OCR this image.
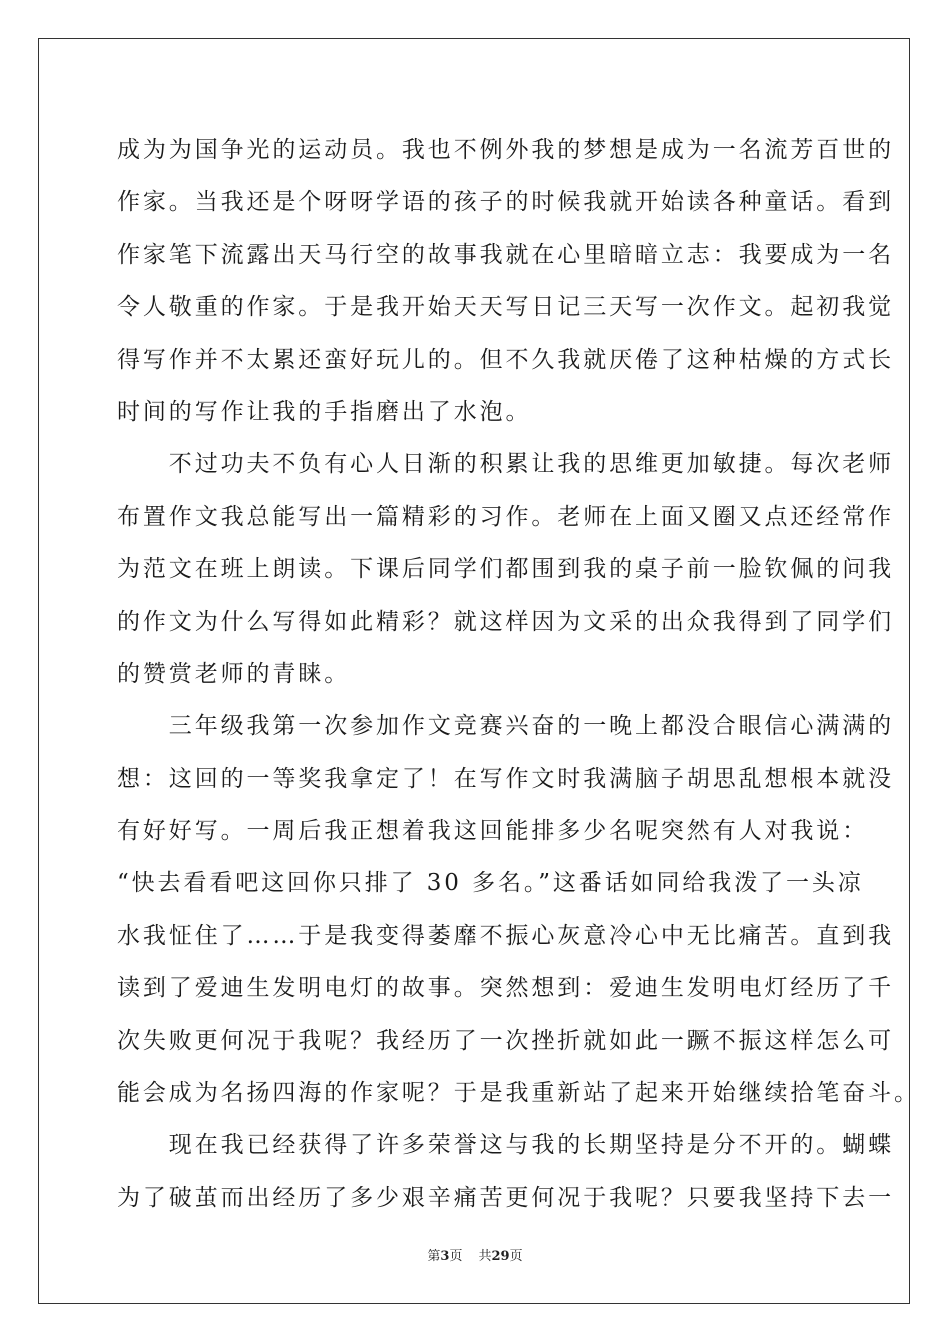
成为为国争光的运动员。我也不例外我的梦想是成为一名流芳百世的
作家。当我还是个呀呀学语的孩子的时候我就开始读各种童话。看到
作家笔下流露出天马行空的故事我就在心里暗暗立志：我要成为一名
令人敬重的作家。于是我开始天天写日记三天写一次作文。起初我觉
得写作并不太累还蛮好玩儿的。但不久我就厌倦了这种枯燥的方式长
时间的写作让我的手指磨出了水泡。
　　不过功夫不负有心人日渐的积累让我的思维更加敏捷。每次老师
布置作文我总能写出一篇精彩的习作。老师在上面又圈又点还经常作
为范文在班上朗读。下课后同学们都围到我的桌子前一脸钦佩的问我
的作文为什么写得如此精彩？就这样因为文采的出众我得到了同学们
的赞赏老师的青睐。
　　三年级我第一次参加作文竞赛兴奋的一晚上都没合眼信心满满的
想：这回的一等奖我拿定了！在写作文时我满脑子胡思乱想根本就没
有好好写。一周后我正想着我这回能排多少名呢突然有人对我说：
“快去看看吧这回你只排了 30 多名。”这番话如同给我泼了一头凉
水我怔住了……于是我变得萎靡不振心灰意冷心中无比痛苦。直到我
读到了爱迪生发明电灯的故事。突然想到：爱迪生发明电灯经历了千
次失败更何况于我呢？我经历了一次挫折就如此一蹶不振这样怎么可
能会成为名扬四海的作家呢？于是我重新站了起来开始继续拾笔奋斗。
　　现在我已经获得了许多荣誉这与我的长期坚持是分不开的。蝴蝶
为了破茧而出经历了多少艰辛痛苦更何况于我呢？只要我坚持下去一
第3页 共29页
